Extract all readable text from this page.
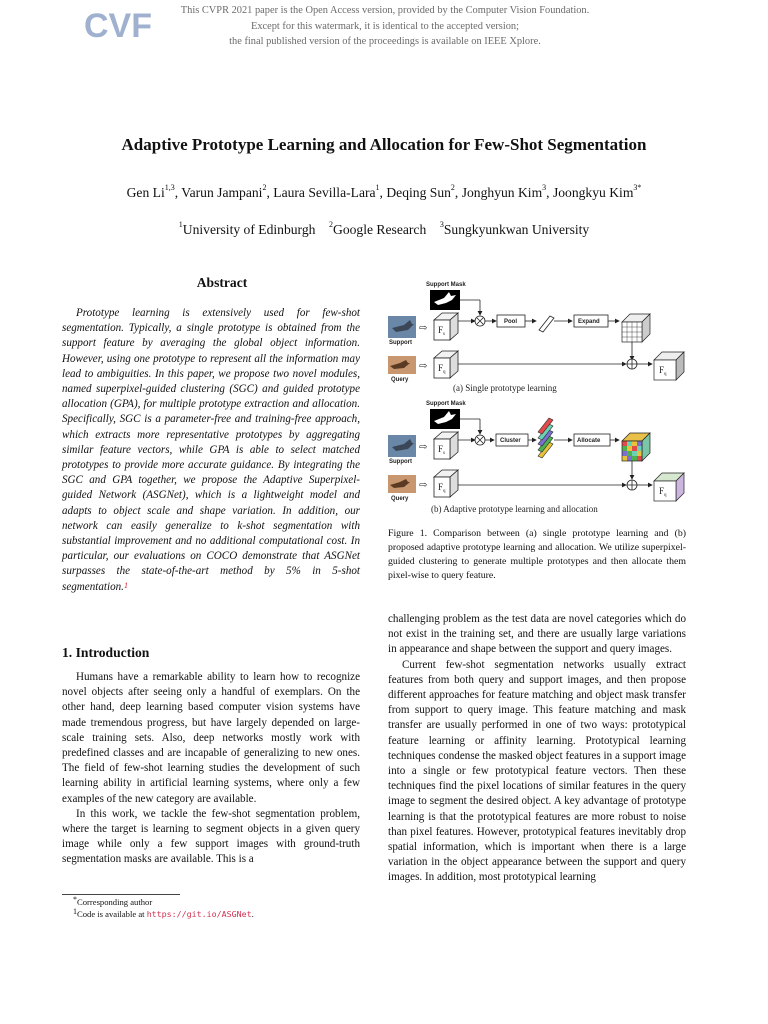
CVF	This CVPR 2021 paper is the Open Access version, provided by the Computer Vision Foundation.
Except for this watermark, it is identical to the accepted version;
the final published version of the proceedings is available on IEEE Xplore.
Adaptive Prototype Learning and Allocation for Few-Shot Segmentation
Gen Li$^{1,3}$, Varun Jampani$^2$, Laura Sevilla-Lara$^1$, Deqing Sun$^2$, Jonghyun Kim$^3$, Joongkyu Kim$^{3*}$
$^1$University of Edinburgh $^2$Google Research $^3$Sungkyunkwan University
Abstract

Prototype learning is extensively used for few-shot segmentation. Typically, a single prototype is obtained from the support feature by averaging the global object information. However, using one prototype to represent all the information may lead to ambiguities. In this paper, we propose two novel modules, named superpixel-guided clustering (SGC) and guided prototype allocation (GPA), for multiple prototype extraction and allocation. Specifically, SGC is a parameter-free and training-free approach, which extracts more representative prototypes by aggregating similar feature vectors, while GPA is able to select matched prototypes to provide more accurate guidance. By integrating the SGC and GPA together, we propose the Adaptive Superpixel-guided Network (ASGNet), which is a lightweight model and adapts to object scale and shape variation. In addition, our network can easily generalize to k-shot segmentation with substantial improvement and no additional computational cost. In particular, our evaluations on COCO demonstrate that ASGNet surpasses the state-of-the-art method by 5% in 5-shot segmentation.$^1$

1. Introduction

Humans have a remarkable ability to learn how to recognize novel objects after seeing only a handful of exemplars. On the other hand, deep learning based computer vision systems have made tremendous progress, but have largely depended on large-scale training sets. Also, deep networks mostly work with predefined classes and are incapable of generalizing to new ones. The field of few-shot learning studies the development of such learning ability in artificial learning systems, where only a few examples of the new category are available.

In this work, we tackle the few-shot segmentation problem, where the target is learning to segment objects in a given query image while only a few support images with ground-truth segmentation masks are available. This is a

*Corresponding author
$^1$Code is available at https://git.io/ASGNet.
Support Mask
Support
⇨ $F_s$
Pool	Expand
Query
⇨ $F_q$	$F_q$
(a) Single prototype learning
Support Mask
Support
⇨ $F_s$
Cluster	Allocate
Query
⇨ $F_q$	$F_q$
(b) Adaptive prototype learning and allocation
Figure 1. Comparison between (a) single prototype learning and (b) proposed adaptive prototype learning and allocation. We utilize superpixel-guided clustering to generate multiple prototypes and then allocate them pixel-wise to query feature.

challenging problem as the test data are novel categories which do not exist in the training set, and there are usually large variations in appearance and shape between the support and query images.

Current few-shot segmentation networks usually extract features from both query and support images, and then propose different approaches for feature matching and object mask transfer from support to query image. This feature matching and mask transfer are usually performed in one of two ways: prototypical feature learning or affinity learning. Prototypical learning techniques condense the masked object features in a support image into a single or few prototypical feature vectors. Then these techniques find the pixel locations of similar features in the query image to segment the desired object. A key advantage of prototype learning is that the prototypical features are more robust to noise than pixel features. However, prototypical features inevitably drop spatial information, which is important when there is a large variation in the object appearance between the support and query images. In addition, most prototypical learning
